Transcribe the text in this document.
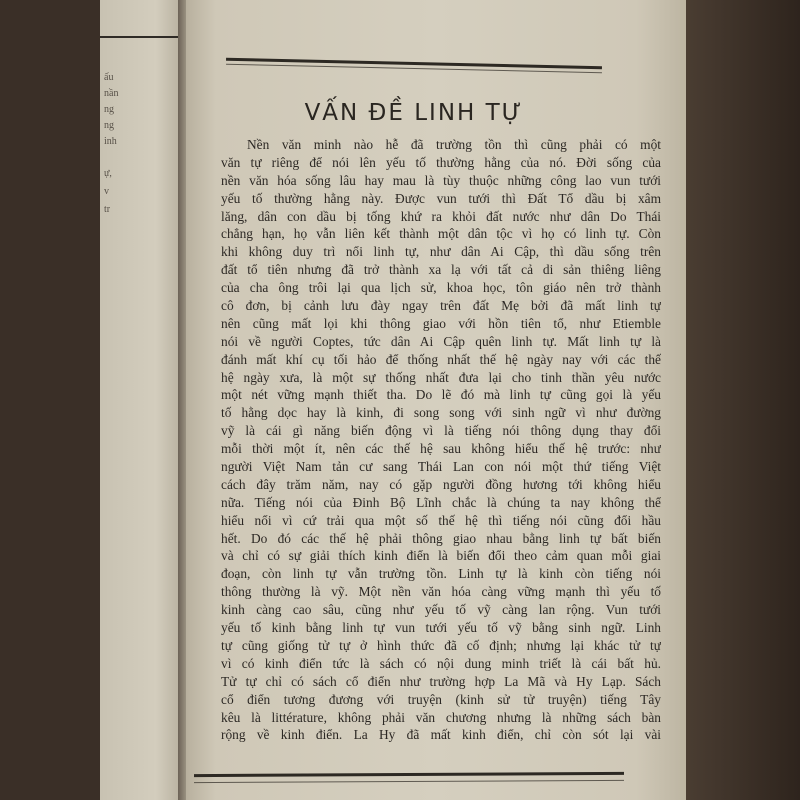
ấu
nần
ng
ng
inh
ự,
v
tr
VẤN ĐỀ LINH TỰ
Nền văn minh nào hễ đã trường tồn thì cũng phải có một
văn tự riêng để nói lên yếu tố thường hằng của nó. Đời sống của
nền văn hóa sống lâu hay mau là tùy thuộc những công lao vun tưới
yếu tố thường hằng này. Được vun tưới thì Đất Tổ dầu bị xâm
lăng, dân con dầu bị tống khứ ra khỏi đất nước như dân Do Thái
chẳng hạn, họ vẫn liên kết thành một dân tộc vì họ có linh tự. Còn
khi không duy trì nổi linh tự, như dân Ai Cập, thì dầu sống trên
đất tổ tiên nhưng đã trở thành xa lạ với tất cả di sản thiêng liêng
của cha ông trôi lại qua lịch sử, khoa học, tôn giáo nên trở thành
cô đơn, bị cảnh lưu đày ngay trên đất Mẹ bởi đã mất linh tự
nên cũng mất lọi khi thông giao với hồn tiên tổ, như Etiemble
nói về người Coptes, tức dân Ai Cập quên linh tự. Mất linh tự là
đánh mất khí cụ tối hảo để thống nhất thế hệ ngày nay với các thế
hệ ngày xưa, là một sự thống nhất đưa lại cho tinh thần yêu nước
một nét vững mạnh thiết tha. Do lẽ đó mà linh tự cũng gọi là yếu
tố hằng dọc hay là kinh, đi song song với sinh ngữ vì như đường
vỹ là cái gì năng biến động vì là tiếng nói thông dụng thay đổi
mỗi thời một ít, nên các thế hệ sau không hiểu thế hệ trước: như
người Việt Nam tản cư sang Thái Lan con nói một thứ tiếng Việt
cách đây trăm năm, nay có gặp người đồng hương tới không hiểu
nữa. Tiếng nói của Đinh Bộ Lĩnh chắc là chúng ta nay không thể
hiểu nổi vì cứ trải qua một số thế hệ thì tiếng nói cũng đổi hầu
hết. Do đó các thế hệ phải thông giao nhau bằng linh tự bất biến
và chỉ có sự giải thích kinh điển là biến đổi theo cảm quan mỗi giai
đoạn, còn linh tự vẫn trường tồn. Linh tự là kinh còn tiếng nói
thông thường là vỹ. Một nền văn hóa càng vững mạnh thì yếu tố
kinh càng cao sâu, cũng như yếu tố vỹ càng lan rộng. Vun tưới
yếu tố kinh bằng linh tự vun tưới yếu tố vỹ bằng sinh ngữ. Linh
tự cũng giống tử tự ở hình thức đã cố định; nhưng lại khác tử tự
vì có kinh điển tức là sách có nội dung minh triết là cái bất hủ.
Tử tự chỉ có sách cổ điển như trường hợp La Mã và Hy Lạp. Sách
cổ điển tương đương với truyện (kinh sử tử truyện) tiếng Tây
kêu là littérature, không phải văn chương nhưng là những sách bàn
rộng về kinh điển. La Hy đã mất kinh điển, chỉ còn sót lại vài
